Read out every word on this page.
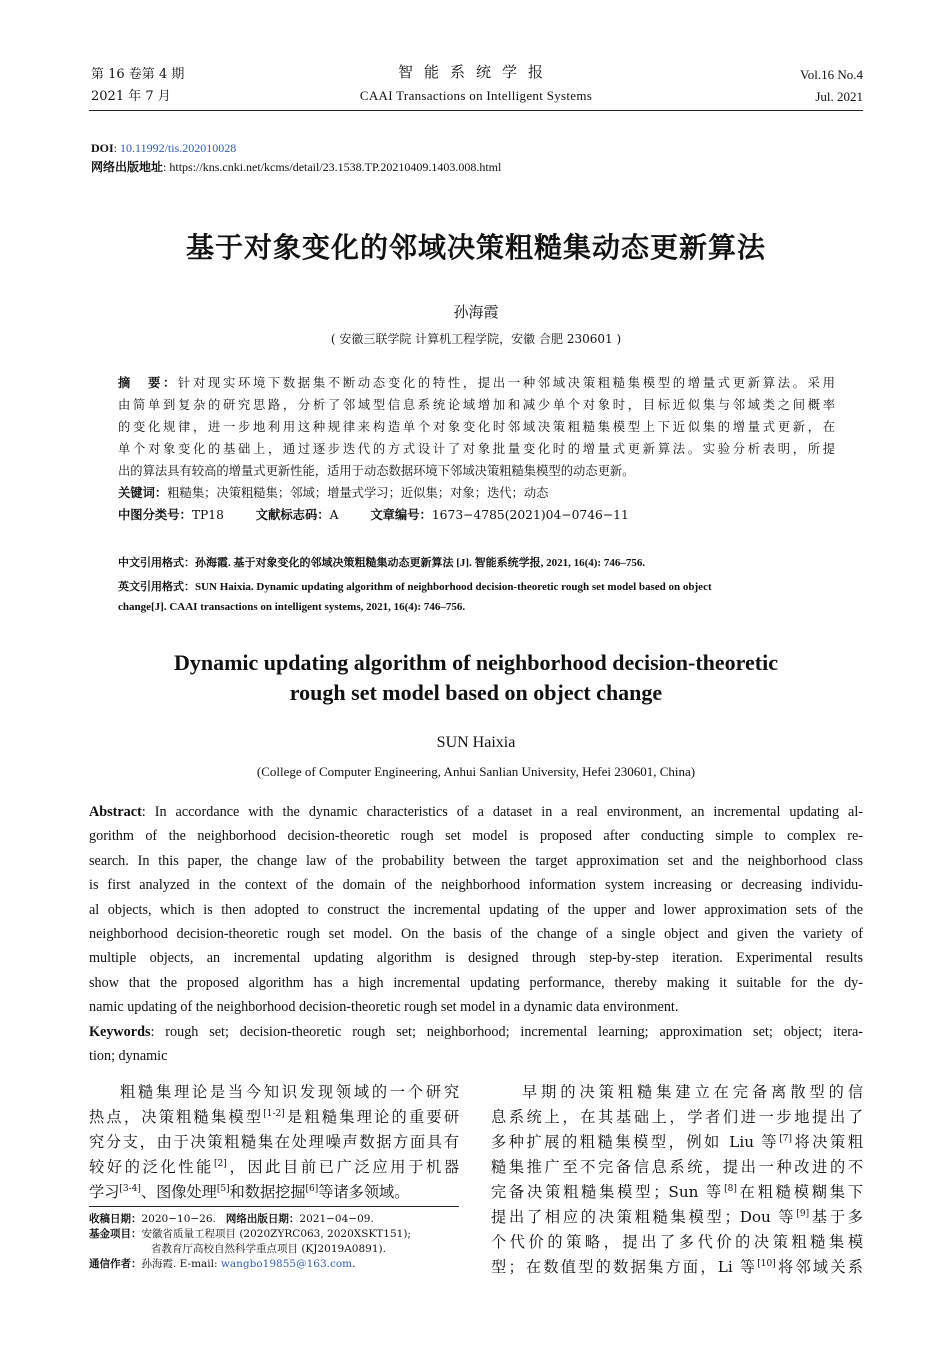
第 16 卷第 4 期
2021 年 7 月
智能系统学报
CAAI Transactions on Intelligent Systems
Vol.16 No.4
Jul. 2021
DOI: 10.11992/tis.202010028
网络出版地址: https://kns.cnki.net/kcms/detail/23.1538.TP.20210409.1403.008.html
基于对象变化的邻域决策粗糙集动态更新算法
孙海霞
( 安徽三联学院 计算机工程学院，安徽 合肥 230601 )
摘　要：针对现实环境下数据集不断动态变化的特性，提出一种邻域决策粗糙集模型的增量式更新算法。采用
由简单到复杂的研究思路，分析了邻域型信息系统论域增加和减少单个对象时，目标近似集与邻域类之间概率
的变化规律，进一步地利用这种规律来构造单个对象变化时邻域决策粗糙集模型上下近似集的增量式更新，在
单个对象变化的基础上，通过逐步迭代的方式设计了对象批量变化时的增量式更新算法。实验分析表明，所提
出的算法具有较高的增量式更新性能，适用于动态数据环境下邻域决策粗糙集模型的动态更新。
关键词：粗糙集；决策粗糙集；邻域；增量式学习；近似集；对象；迭代；动态
中图分类号：TP18	文献标志码：A	文章编号：1673−4785(2021)04−0746−11
中文引用格式：孙海霞. 基于对象变化的邻域决策粗糙集动态更新算法 [J]. 智能系统学报, 2021, 16(4): 746–756.
英文引用格式：SUN Haixia. Dynamic updating algorithm of neighborhood decision-theoretic rough set model based on object
change[J]. CAAI transactions on intelligent systems, 2021, 16(4): 746–756.
Dynamic updating algorithm of neighborhood decision-theoretic
rough set model based on object change
SUN Haixia
(College of Computer Engineering, Anhui Sanlian University, Hefei 230601, China)
Abstract: In accordance with the dynamic characteristics of a dataset in a real environment, an incremental updating al-
gorithm of the neighborhood decision-theoretic rough set model is proposed after conducting simple to complex re-
search. In this paper, the change law of the probability between the target approximation set and the neighborhood class
is first analyzed in the context of the domain of the neighborhood information system increasing or decreasing individu-
al objects, which is then adopted to construct the incremental updating of the upper and lower approximation sets of the
neighborhood decision-theoretic rough set model. On the basis of the change of a single object and given the variety of
multiple objects, an incremental updating algorithm is designed through step-by-step iteration. Experimental results
show that the proposed algorithm has a high incremental updating performance, thereby making it suitable for the dy-
namic updating of the neighborhood decision-theoretic rough set model in a dynamic data environment.
Keywords: rough set; decision-theoretic rough set; neighborhood; incremental learning; approximation set; object; itera-
tion; dynamic
粗糙集理论是当今知识发现领域的一个研究
热点，决策粗糙集模型[1-2]是粗糙集理论的重要研
究分支，由于决策粗糙集在处理噪声数据方面具有
较好的泛化性能[2]，因此目前已广泛应用于机器
学习[3-4]、图像处理[5]和数据挖掘[6]等诸多领域。
收稿日期：2020−10−26. 网络出版日期：2021−04−09.
基金项目：安徽省质量工程项目 (2020ZYRC063, 2020XSKT151);
省教育厅高校自然科学重点项目 (KJ2019A0891).
通信作者：孙海霞. E-mail: wangbo19855@163.com.
早期的决策粗糙集建立在完备离散型的信
息系统上，在其基础上，学者们进一步地提出了
多种扩展的粗糙集模型，例如 Liu 等[7]将决策粗
糙集推广至不完备信息系统，提出一种改进的不
完备决策粗糙集模型；Sun 等[8]在粗糙模糊集下
提出了相应的决策粗糙集模型；Dou 等[9]基于多
个代价的策略，提出了多代价的决策粗糙集模
型；在数值型的数据集方面，Li 等[10]将邻域关系
